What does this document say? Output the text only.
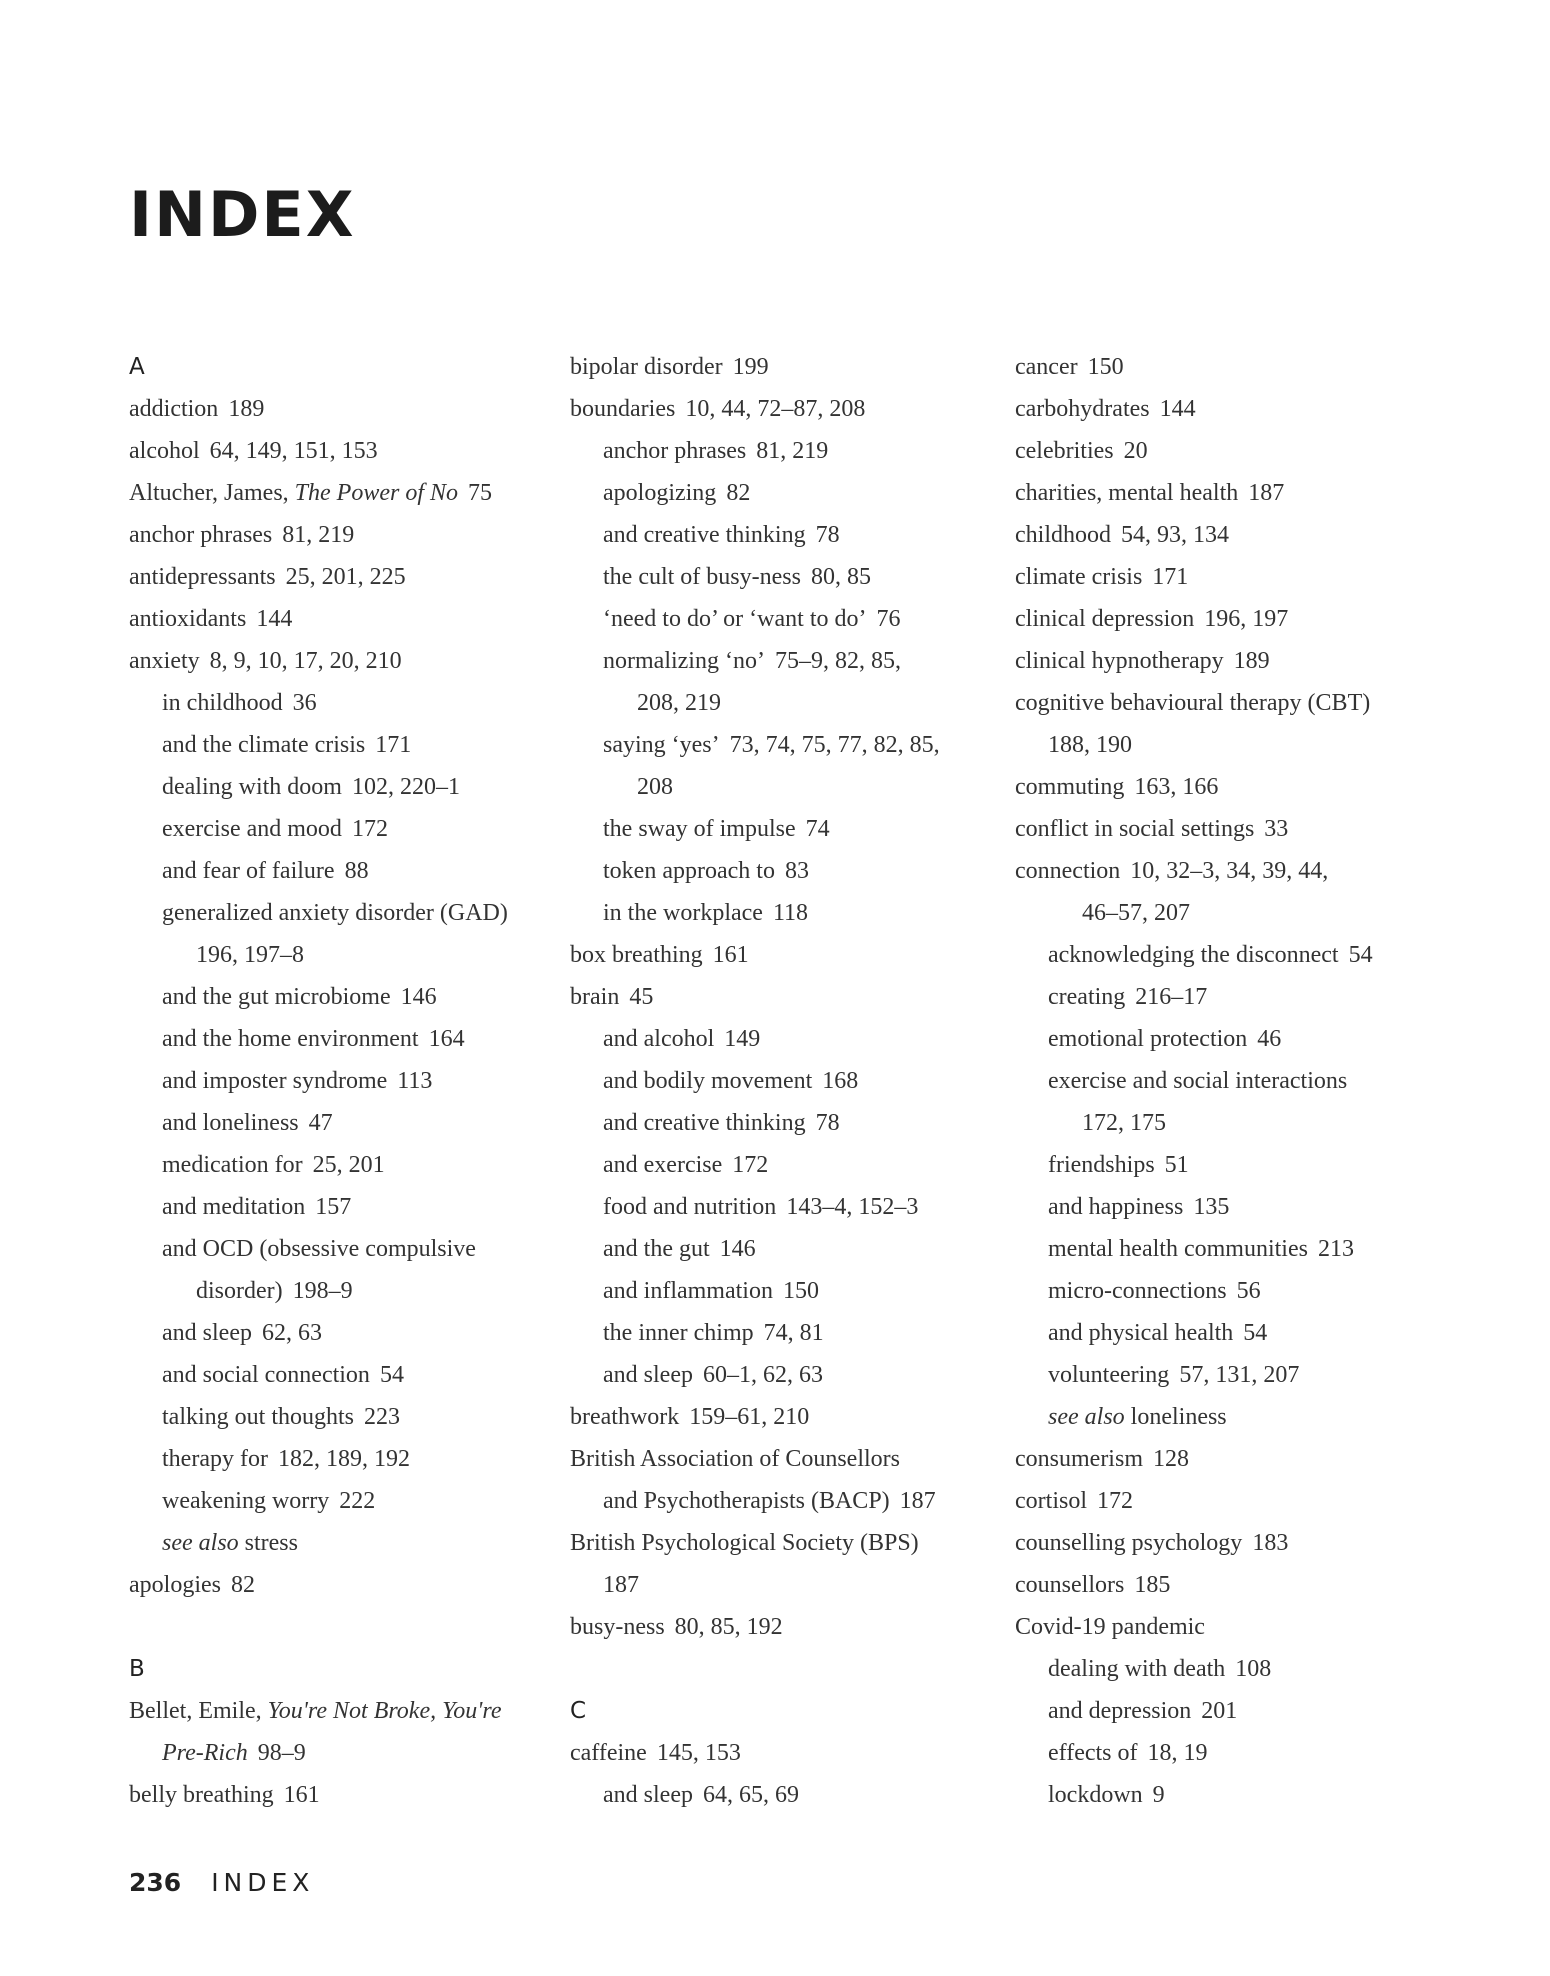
INDEX
A
addiction 189
alcohol 64, 149, 151, 153
Altucher, James, The Power of No 75
anchor phrases 81, 219
antidepressants 25, 201, 225
antioxidants 144
anxiety 8, 9, 10, 17, 20, 210
in childhood 36
and the climate crisis 171
dealing with doom 102, 220–1
exercise and mood 172
and fear of failure 88
generalized anxiety disorder (GAD)
196, 197–8
and the gut microbiome 146
and the home environment 164
and imposter syndrome 113
and loneliness 47
medication for 25, 201
and meditation 157
and OCD (obsessive compulsive
disorder) 198–9
and sleep 62, 63
and social connection 54
talking out thoughts 223
therapy for 182, 189, 192
weakening worry 222
see also stress
apologies 82
B
Bellet, Emile, You're Not Broke, You're
Pre-Rich 98–9
belly breathing 161
bipolar disorder 199
boundaries 10, 44, 72–87, 208
anchor phrases 81, 219
apologizing 82
and creative thinking 78
the cult of busy-ness 80, 85
‘need to do’ or ‘want to do’ 76
normalizing ‘no’ 75–9, 82, 85,
208, 219
saying ‘yes’ 73, 74, 75, 77, 82, 85,
208
the sway of impulse 74
token approach to 83
in the workplace 118
box breathing 161
brain 45
and alcohol 149
and bodily movement 168
and creative thinking 78
and exercise 172
food and nutrition 143–4, 152–3
and the gut 146
and inflammation 150
the inner chimp 74, 81
and sleep 60–1, 62, 63
breathwork 159–61, 210
British Association of Counsellors
and Psychotherapists (BACP) 187
British Psychological Society (BPS)
187
busy-ness 80, 85, 192
C
caffeine 145, 153
and sleep 64, 65, 69
cancer 150
carbohydrates 144
celebrities 20
charities, mental health 187
childhood 54, 93, 134
climate crisis 171
clinical depression 196, 197
clinical hypnotherapy 189
cognitive behavioural therapy (CBT)
188, 190
commuting 163, 166
conflict in social settings 33
connection 10, 32–3, 34, 39, 44,
46–57, 207
acknowledging the disconnect 54
creating 216–17
emotional protection 46
exercise and social interactions
172, 175
friendships 51
and happiness 135
mental health communities 213
micro-connections 56
and physical health 54
volunteering 57, 131, 207
see also loneliness
consumerism 128
cortisol 172
counselling psychology 183
counsellors 185
Covid-19 pandemic
dealing with death 108
and depression 201
effects of 18, 19
lockdown 9
236 INDEX
